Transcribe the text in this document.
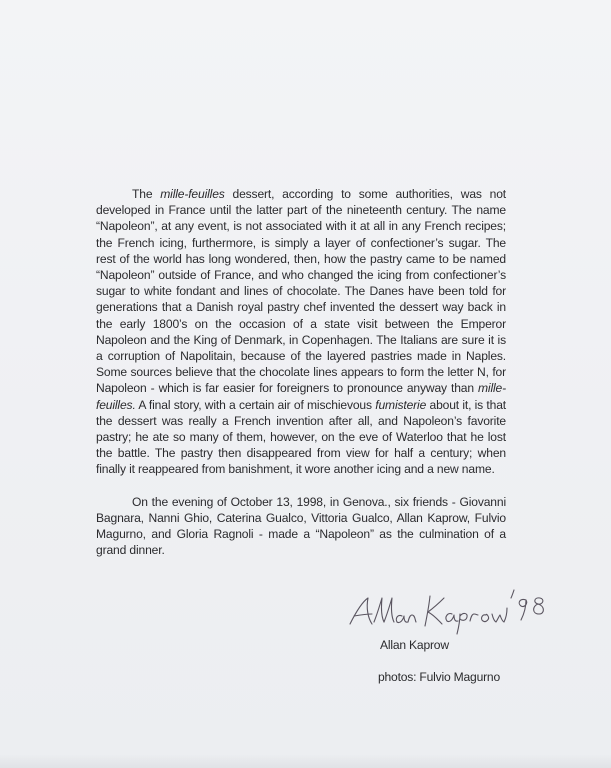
The mille-feuilles dessert, according to some authorities, was not developed in France until the latter part of the nineteenth century. The name “Napoleon”, at any event, is not associated with it at all in any French recipes; the French icing, furthermore, is simply a layer of confectioner’s sugar. The rest of the world has long wondered, then, how the pastry came to be named “Napoleon” outside of France, and who changed the icing from confectioner’s sugar to white fondant and lines of chocolate. The Danes have been told for generations that a Danish royal pastry chef invented the dessert way back in the early 1800’s on the occasion of a state visit between the Emperor Napoleon and the King of Denmark, in Copenhagen. The Italians are sure it is a corruption of Napolitain, because of the layered pastries made in Naples. Some sources believe that the chocolate lines appears to form the letter N, for Napoleon - which is far easier for foreigners to pronounce anyway than mille-feuilles. A final story, with a certain air of mischievous fumisterie about it, is that the dessert was really a French invention after all, and Napoleon’s favorite pastry; he ate so many of them, however, on the eve of Waterloo that he lost the battle. The pastry then disappeared from view for half a century; when finally it reappeared from banishment, it wore another icing and a new name.

On the evening of October 13, 1998, in Genova., six friends - Giovanni Bagnara, Nanni Ghio, Caterina Gualco, Vittoria Gualco, Allan Kaprow, Fulvio Magurno, and Gloria Ragnoli - made a “Napoleon” as the culmination of a grand dinner.

Allan Kaprow
photos: Fulvio Magurno
